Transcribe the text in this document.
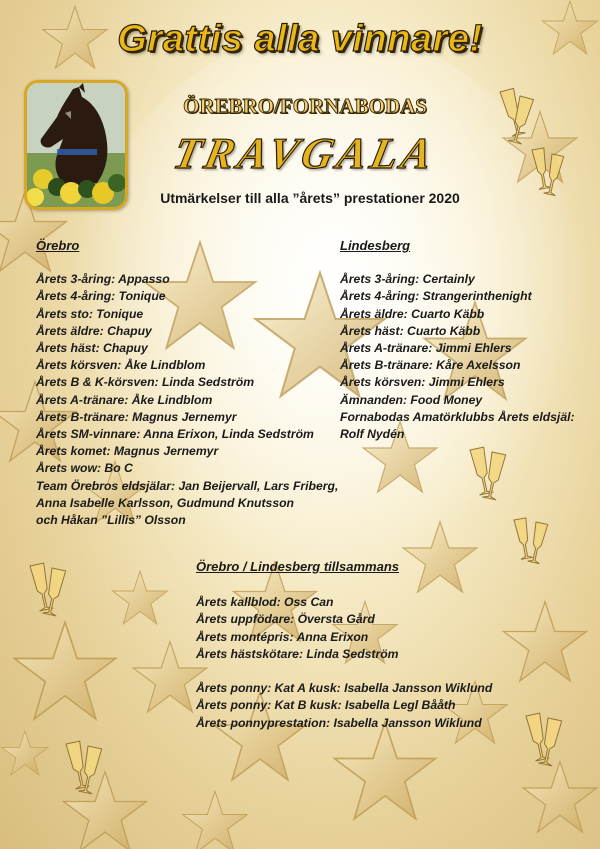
Grattis alla vinnare!
ÖREBRO/FORNABODAS
TRAVGALA
Utmärkelser till alla ”årets” prestationer 2020
Örebro
Årets 3-åring: Appasso
Årets 4-åring: Tonique
Årets sto: Tonique
Årets äldre: Chapuy
Årets häst: Chapuy
Årets körsven: Åke Lindblom
Årets B & K-körsven: Linda Sedström
Årets A-tränare: Åke Lindblom
Årets B-tränare: Magnus Jernemyr
Årets SM-vinnare: Anna Erixon, Linda Sedström
Årets komet: Magnus Jernemyr
Årets wow: Bo C
Team Örebros eldsjälar: Jan Beijervall, Lars Friberg,
Anna Isabelle Karlsson, Gudmund Knutsson
och Håkan ”Lillis” Olsson
Lindesberg
Årets 3-åring: Certainly
Årets 4-åring: Strangerinthenight
Årets äldre: Cuarto Käbb
Årets häst: Cuarto Käbb
Årets A-tränare: Jimmi Ehlers
Årets B-tränare: Kåre Axelsson
Årets körsven: Jimmi Ehlers
Ämnanden: Food Money
Fornabodas Amatörklubbs Årets eldsjäl:
Rolf Nydén
Örebro / Lindesberg tillsammans
Årets kallblod: Oss Can
Årets uppfödare: Översta Gård
Årets montépris: Anna Erixon
Årets hästskötare: Linda Sedström
Årets ponny: Kat A kusk: Isabella Jansson Wiklund
Årets ponny: Kat B kusk: Isabella Legl Bååth
Årets ponnyprestation: Isabella Jansson Wiklund
